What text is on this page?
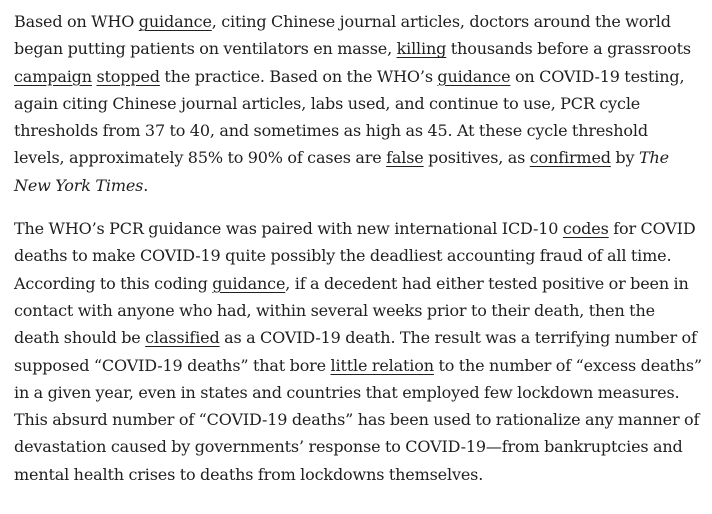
Based on WHO guidance, citing Chinese journal articles, doctors around the world began putting patients on ventilators en masse, killing thousands before a grassroots campaign stopped the practice. Based on the WHO’s guidance on COVID-19 testing, again citing Chinese journal articles, labs used, and continue to use, PCR cycle thresholds from 37 to 40, and sometimes as high as 45. At these cycle threshold levels, approximately 85% to 90% of cases are false positives, as confirmed by The New York Times.

The WHO’s PCR guidance was paired with new international ICD-10 codes for COVID deaths to make COVID-19 quite possibly the deadliest accounting fraud of all time. According to this coding guidance, if a decedent had either tested positive or been in contact with anyone who had, within several weeks prior to their death, then the death should be classified as a COVID-19 death. The result was a terrifying number of supposed “COVID-19 deaths” that bore little relation to the number of “excess deaths” in a given year, even in states and countries that employed few lockdown measures. This absurd number of “COVID-19 deaths” has been used to rationalize any manner of devastation caused by governments’ response to COVID-19—from bankruptcies and mental health crises to deaths from lockdowns themselves.
